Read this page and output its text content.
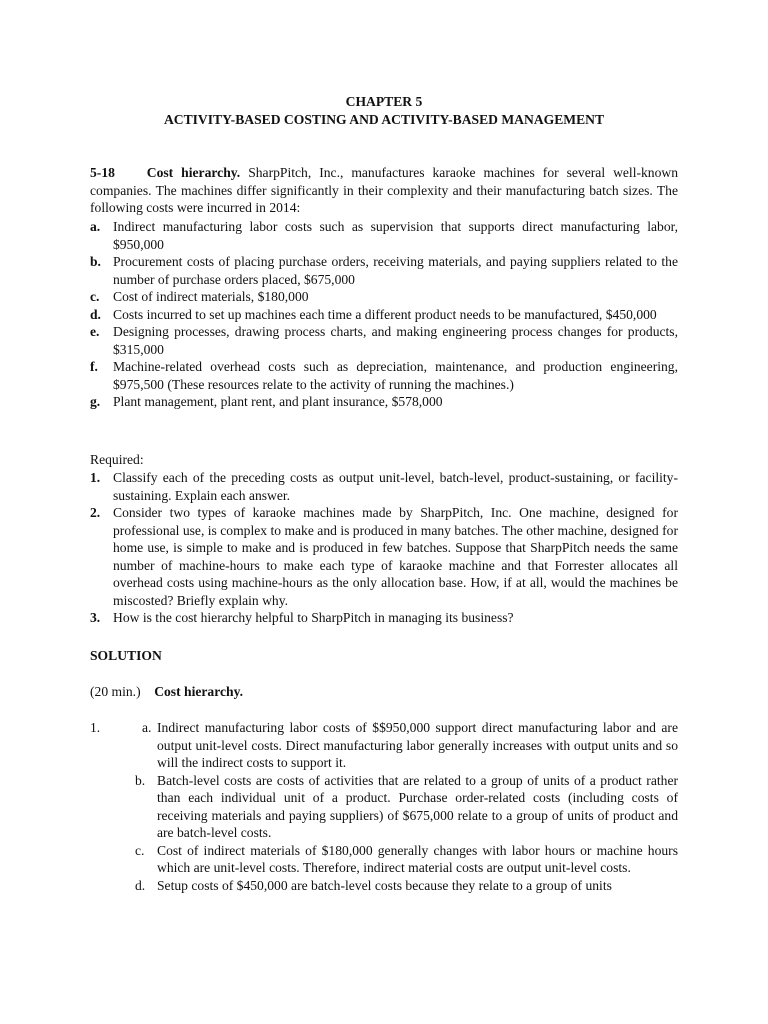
CHAPTER 5
ACTIVITY-BASED COSTING AND ACTIVITY-BASED MANAGEMENT
5-18 Cost hierarchy. SharpPitch, Inc., manufactures karaoke machines for several well-known companies. The machines differ significantly in their complexity and their manufacturing batch sizes. The following costs were incurred in 2014:
a. Indirect manufacturing labor costs such as supervision that supports direct manufacturing labor, $950,000
b. Procurement costs of placing purchase orders, receiving materials, and paying suppliers related to the number of purchase orders placed, $675,000
c. Cost of indirect materials, $180,000
d. Costs incurred to set up machines each time a different product needs to be manufactured, $450,000
e. Designing processes, drawing process charts, and making engineering process changes for products, $315,000
f. Machine-related overhead costs such as depreciation, maintenance, and production engineering, $975,500 (These resources relate to the activity of running the machines.)
g. Plant management, plant rent, and plant insurance, $578,000
Required:
1. Classify each of the preceding costs as output unit-level, batch-level, product-sustaining, or facility-sustaining. Explain each answer.
2. Consider two types of karaoke machines made by SharpPitch, Inc. One machine, designed for professional use, is complex to make and is produced in many batches. The other machine, designed for home use, is simple to make and is produced in few batches. Suppose that SharpPitch needs the same number of machine-hours to make each type of karaoke machine and that Forrester allocates all overhead costs using machine-hours as the only allocation base. How, if at all, would the machines be miscosted? Briefly explain why.
3. How is the cost hierarchy helpful to SharpPitch in managing its business?
SOLUTION
(20 min.) Cost hierarchy.
1.	a. Indirect manufacturing labor costs of $$950,000 support direct manufacturing labor and are output unit-level costs. Direct manufacturing labor generally increases with output units and so will the indirect costs to support it.
b. Batch-level costs are costs of activities that are related to a group of units of a product rather than each individual unit of a product. Purchase order-related costs (including costs of receiving materials and paying suppliers) of $675,000 relate to a group of units of product and are batch-level costs.
c. Cost of indirect materials of $180,000 generally changes with labor hours or machine hours which are unit-level costs. Therefore, indirect material costs are output unit-level costs.
d. Setup costs of $450,000 are batch-level costs because they relate to a group of units
